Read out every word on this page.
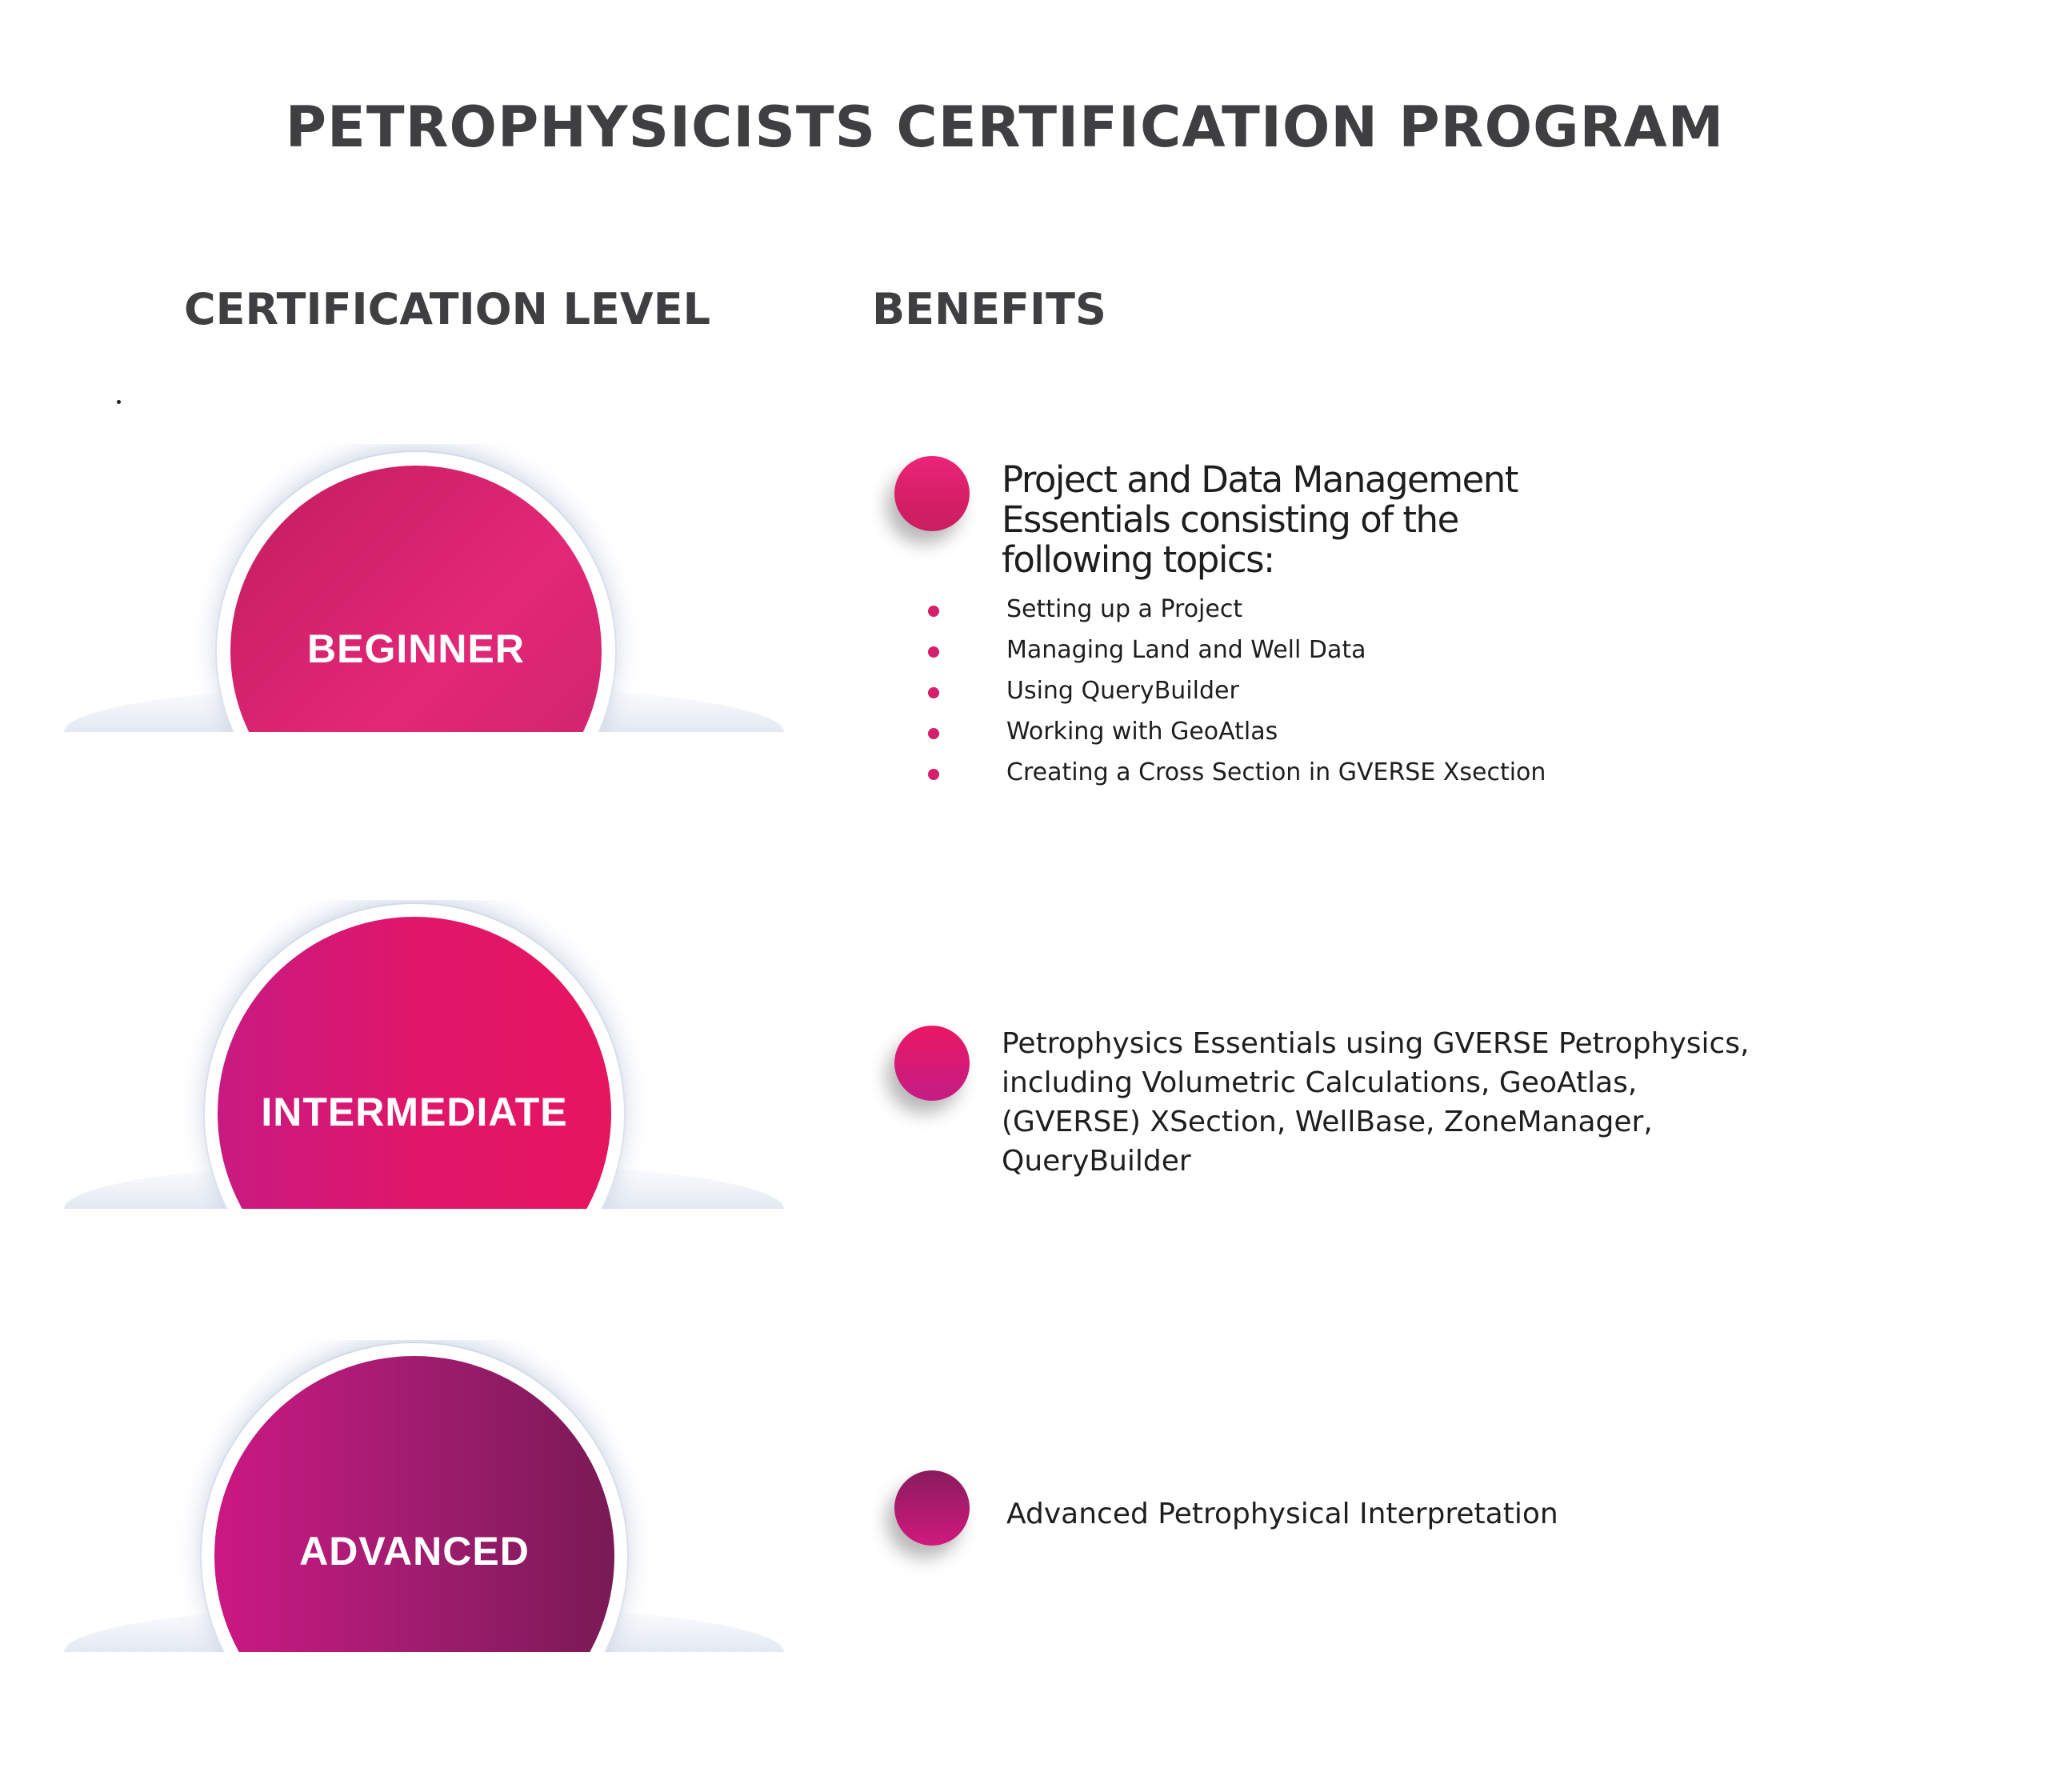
PETROPHYSICISTS CERTIFICATION PROGRAM
CERTIFICATION LEVEL	BENEFITS
BEGINNER

Project and Data Management Essentials consisting of the following topics:

Setting up a Project
Managing Land and Well Data
Using QueryBuilder
Working with GeoAtlas
Creating a Cross Section in GVERSE Xsection
INTERMEDIATE

Petrophysics Essentials using GVERSE Petrophysics, including Volumetric Calculations, GeoAtlas, (GVERSE) XSection, WellBase, ZoneManager, QueryBuilder

ADVANCED

Advanced Petrophysical Interpretation
